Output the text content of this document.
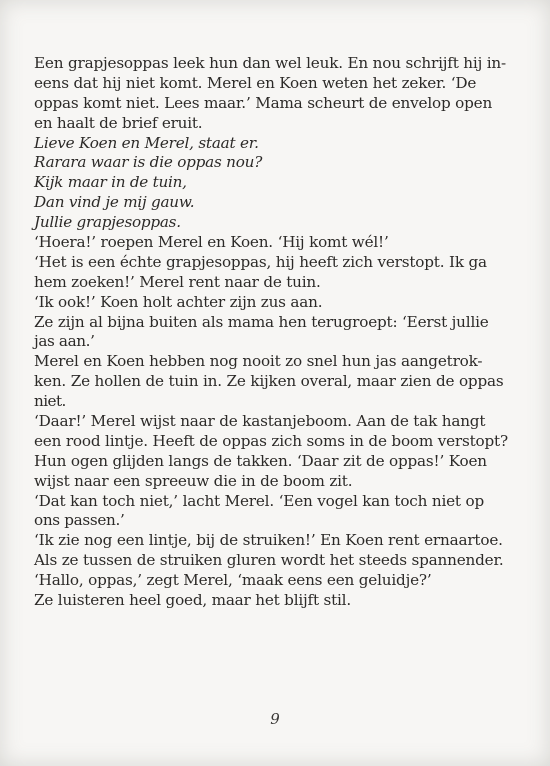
Een grapjesoppas leek hun dan wel leuk. En nou schrijft hij in-
eens dat hij niet komt. Merel en Koen weten het zeker. ‘De
oppas komt niet. Lees maar.’ Mama scheurt de envelop open
en haalt de brief eruit.
Lieve Koen en Merel, staat er.
Rarara waar is die oppas nou?
Kijk maar in de tuin,
Dan vind je mij gauw.
Jullie grapjesoppas.
‘Hoera!’ roepen Merel en Koen. ‘Hij komt wél!’
‘Het is een échte grapjesoppas, hij heeft zich verstopt. Ik ga
hem zoeken!’ Merel rent naar de tuin.
‘Ik ook!’ Koen holt achter zijn zus aan.
Ze zijn al bijna buiten als mama hen terugroept: ‘Eerst jullie
jas aan.’
Merel en Koen hebben nog nooit zo snel hun jas aangetrok-
ken. Ze hollen de tuin in. Ze kijken overal, maar zien de oppas
niet.
‘Daar!’ Merel wijst naar de kastanjeboom. Aan de tak hangt
een rood lintje. Heeft de oppas zich soms in de boom verstopt?
Hun ogen glijden langs de takken. ‘Daar zit de oppas!’ Koen
wijst naar een spreeuw die in de boom zit.
‘Dat kan toch niet,’ lacht Merel. ‘Een vogel kan toch niet op
ons passen.’
‘Ik zie nog een lintje, bij de struiken!’ En Koen rent ernaartoe.
Als ze tussen de struiken gluren wordt het steeds spannender.
‘Hallo, oppas,’ zegt Merel, ‘maak eens een geluidje?’
Ze luisteren heel goed, maar het blijft stil.
9
